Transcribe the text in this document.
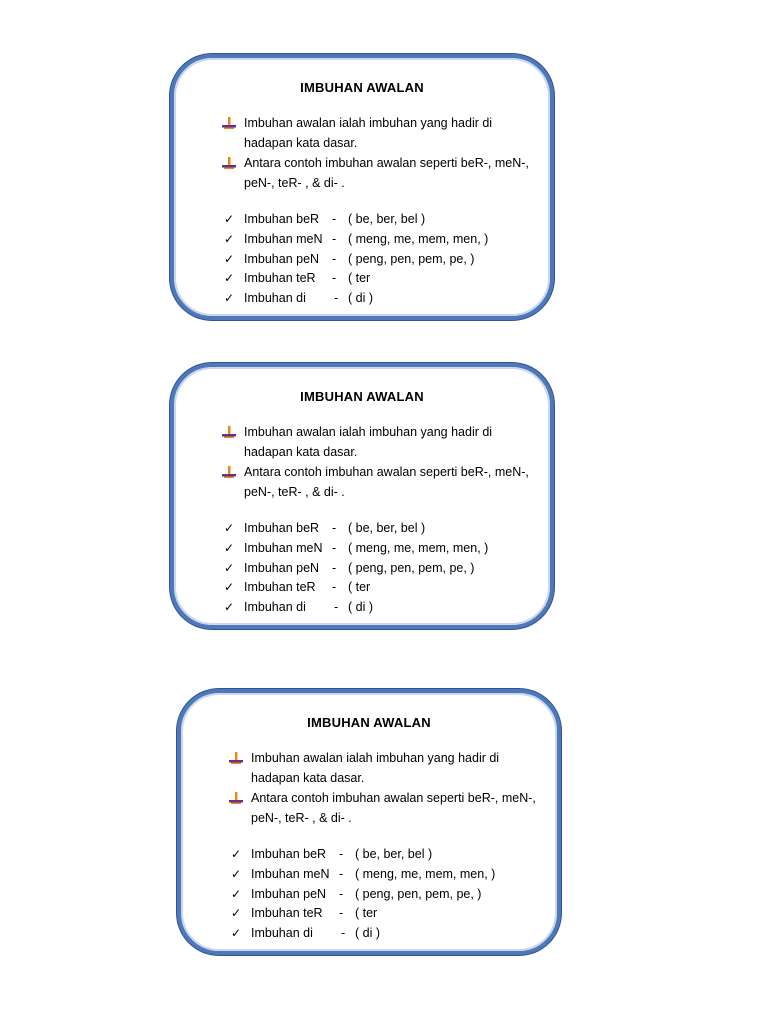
IMBUHAN AWALAN
Imbuhan awalan ialah imbuhan yang hadir di
hadapan kata dasar.
Antara contoh imbuhan awalan seperti beR-, meN-,
peN-, teR- , & di- .
✓ Imbuhan beR - ( be, ber, bel )
✓ Imbuhan meN - ( meng, me, mem, men, )
✓ Imbuhan peN - ( peng, pen, pem, pe, )
✓ Imbuhan teR - ( ter
✓ Imbuhan di - ( di )
IMBUHAN AWALAN
Imbuhan awalan ialah imbuhan yang hadir di
hadapan kata dasar.
Antara contoh imbuhan awalan seperti beR-, meN-,
peN-, teR- , & di- .
✓ Imbuhan beR - ( be, ber, bel )
✓ Imbuhan meN - ( meng, me, mem, men, )
✓ Imbuhan peN - ( peng, pen, pem, pe, )
✓ Imbuhan teR - ( ter
✓ Imbuhan di - ( di )
IMBUHAN AWALAN
Imbuhan awalan ialah imbuhan yang hadir di
hadapan kata dasar.
Antara contoh imbuhan awalan seperti beR-, meN-,
peN-, teR- , & di- .
✓ Imbuhan beR - ( be, ber, bel )
✓ Imbuhan meN - ( meng, me, mem, men, )
✓ Imbuhan peN - ( peng, pen, pem, pe, )
✓ Imbuhan teR - ( ter
✓ Imbuhan di - ( di )
